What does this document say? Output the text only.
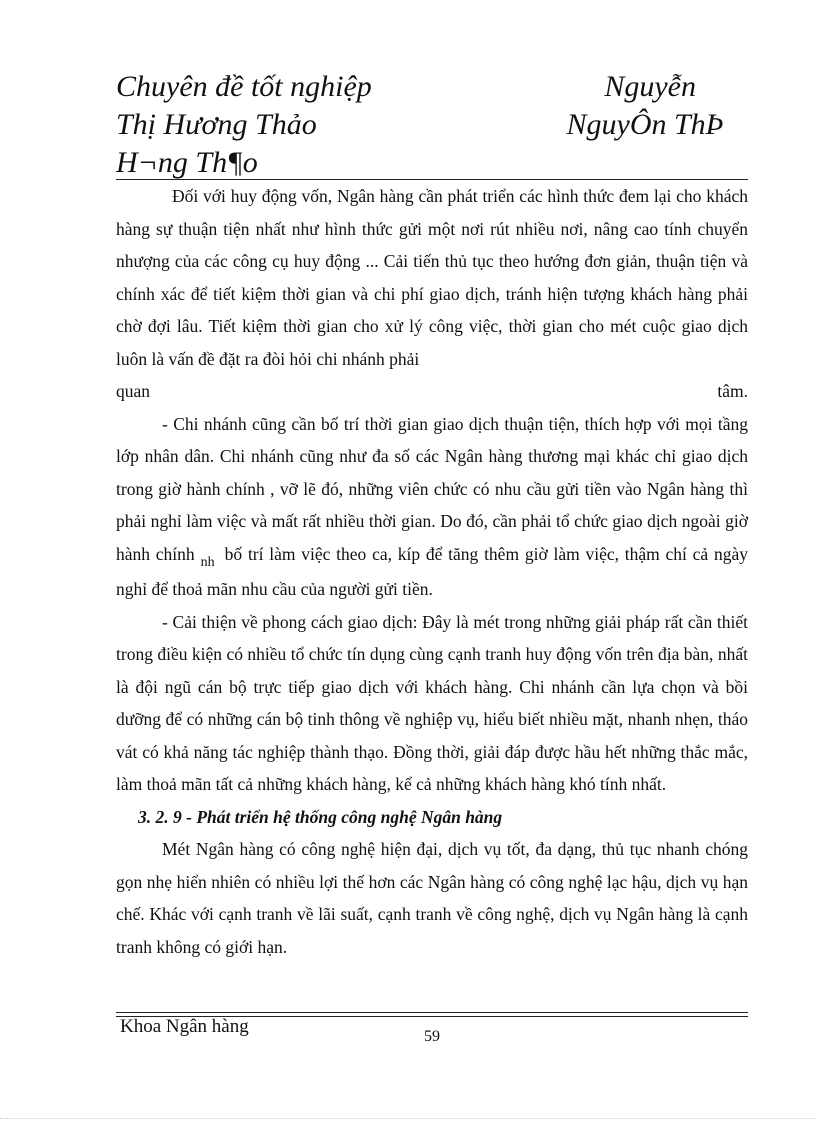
Chuyên đề tốt nghiệp	Nguyễn
Thị Hương Thảo	NguyÔn ThÞ
H¬ng Th¶o

Đối với huy động vốn, Ngân hàng cần phát triển các hình thức đem lại cho khách hàng sự thuận tiện nhất như hình thức gửi một nơi rút nhiều nơi, nâng cao tính chuyển nhượng của các công cụ huy động ... Cải tiến thủ tục theo hướng đơn giản, thuận tiện và chính xác để tiết kiệm thời gian và chi phí giao dịch, tránh hiện tượng khách hàng phải chờ đợi lâu. Tiết kiệm thời gian cho xử lý công việc, thời gian cho mét cuộc giao dịch luôn là vấn đề đặt ra đòi hỏi chi nhánh phải

quan	tâm.

- Chi nhánh cũng cần bố trí thời gian giao dịch thuận tiện, thích hợp với mọi tầng lớp nhân dân. Chi nhánh cũng như đa số các Ngân hàng thương mại khác chỉ giao dịch trong giờ hành chính , vỡ lẽ đó, những viên chức có nhu cầu gửi tiền vào Ngân hàng thì phải nghỉ làm việc và mất rất nhiều thời gian. Do đó, cần phải tổ chức giao dịch ngoài giờ hành chính $_{nh}$ bố trí làm việc theo ca, kíp để tăng thêm giờ làm việc, thậm chí cả ngày nghỉ để thoả mãn nhu cầu của người gửi tiền.

- Cải thiện về phong cách giao dịch: Đây là mét trong những giải pháp rất cần thiết trong điều kiện có nhiều tổ chức tín dụng cùng cạnh tranh huy động vốn trên địa bàn, nhất là đội ngũ cán bộ trực tiếp giao dịch với khách hàng. Chi nhánh cần lựa chọn và bồi dưỡng để có những cán bộ tinh thông về nghiệp vụ, hiểu biết nhiều mặt, nhanh nhẹn, tháo vát có khả năng tác nghiệp thành thạo. Đồng thời, giải đáp được hầu hết những thắc mắc, làm thoả mãn tất cả những khách hàng, kể cả những khách hàng khó tính nhất.

3. 2. 9 - Phát triển hệ thống công nghệ Ngân hàng

Mét Ngân hàng có công nghệ hiện đại, dịch vụ tốt, đa dạng, thủ tục nhanh chóng gọn nhẹ hiển nhiên có nhiều lợi thế hơn các Ngân hàng có công nghệ lạc hậu, dịch vụ hạn chế. Khác với cạnh tranh về lãi suất, cạnh tranh về công nghệ, dịch vụ Ngân hàng là cạnh tranh không có giới hạn.

Khoa Ngân hàng	59
